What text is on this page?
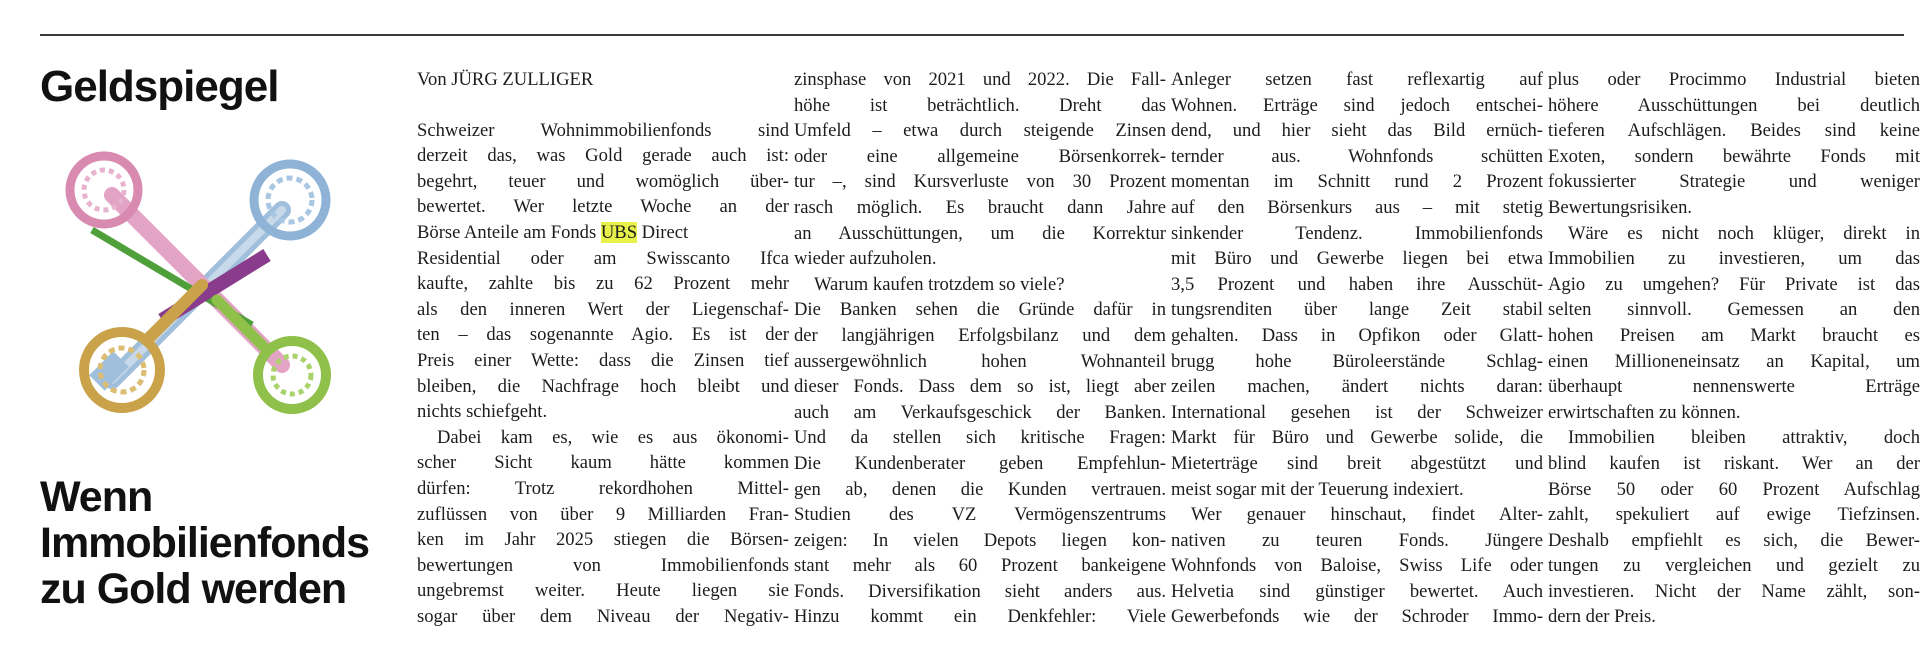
Geldspiegel
Wenn
Immobilienfonds
zu Gold werden
Von JÜRG ZULLIGER
Schweizer Wohnimmobilienfonds sind
derzeit das, was Gold gerade auch ist:
begehrt, teuer und womöglich über-
bewertet. Wer letzte Woche an der
Börse Anteile am Fonds UBS Direct
Residential oder am Swisscanto Ifca
kaufte, zahlte bis zu 62 Prozent mehr
als den inneren Wert der Liegenschaf-
ten – das sogenannte Agio. Es ist der
Preis einer Wette: dass die Zinsen tief
bleiben, die Nachfrage hoch bleibt und
nichts schiefgeht.
Dabei kam es, wie es aus ökonomi-
scher Sicht kaum hätte kommen
dürfen: Trotz rekordhohen Mittel-
zuflüssen von über 9 Milliarden Fran-
ken im Jahr 2025 stiegen die Börsen-
bewertungen von Immobilienfonds
ungebremst weiter. Heute liegen sie
sogar über dem Niveau der Negativ-
zinsphase von 2021 und 2022. Die Fall-
höhe ist beträchtlich. Dreht das
Umfeld – etwa durch steigende Zinsen
oder eine allgemeine Börsenkorrek-
tur –, sind Kursverluste von 30 Prozent
rasch möglich. Es braucht dann Jahre
an Ausschüttungen, um die Korrektur
wieder aufzuholen.
Warum kaufen trotzdem so viele?
Die Banken sehen die Gründe dafür in
der langjährigen Erfolgsbilanz und dem
aussergewöhnlich hohen Wohnanteil
dieser Fonds. Dass dem so ist, liegt aber
auch am Verkaufsgeschick der Banken.
Und da stellen sich kritische Fragen:
Die Kundenberater geben Empfehlun-
gen ab, denen die Kunden vertrauen.
Studien des VZ Vermögenszentrums
zeigen: In vielen Depots liegen kon-
stant mehr als 60 Prozent bankeigene
Fonds. Diversifikation sieht anders aus.
Hinzu kommt ein Denkfehler: Viele
Anleger setzen fast reflexartig auf
Wohnen. Erträge sind jedoch entschei-
dend, und hier sieht das Bild ernüch-
ternder aus. Wohnfonds schütten
momentan im Schnitt rund 2 Prozent
auf den Börsenkurs aus – mit stetig
sinkender Tendenz. Immobilienfonds
mit Büro und Gewerbe liegen bei etwa
3,5 Prozent und haben ihre Ausschüt-
tungsrenditen über lange Zeit stabil
gehalten. Dass in Opfikon oder Glatt-
brugg hohe Büroleerstände Schlag-
zeilen machen, ändert nichts daran:
International gesehen ist der Schweizer
Markt für Büro und Gewerbe solide, die
Mieterträge sind breit abgestützt und
meist sogar mit der Teuerung indexiert.
Wer genauer hinschaut, findet Alter-
nativen zu teuren Fonds. Jüngere
Wohnfonds von Baloise, Swiss Life oder
Helvetia sind günstiger bewertet. Auch
Gewerbefonds wie der Schroder Immo-
plus oder Procimmo Industrial bieten
höhere Ausschüttungen bei deutlich
tieferen Aufschlägen. Beides sind keine
Exoten, sondern bewährte Fonds mit
fokussierter Strategie und weniger
Bewertungsrisiken.
Wäre es nicht noch klüger, direkt in
Immobilien zu investieren, um das
Agio zu umgehen? Für Private ist das
selten sinnvoll. Gemessen an den
hohen Preisen am Markt braucht es
einen Millioneneinsatz an Kapital, um
überhaupt nennenswerte Erträge
erwirtschaften zu können.
Immobilien bleiben attraktiv, doch
blind kaufen ist riskant. Wer an der
Börse 50 oder 60 Prozent Aufschlag
zahlt, spekuliert auf ewige Tiefzinsen.
Deshalb empfiehlt es sich, die Bewer-
tungen zu vergleichen und gezielt zu
investieren. Nicht der Name zählt, son-
dern der Preis.
